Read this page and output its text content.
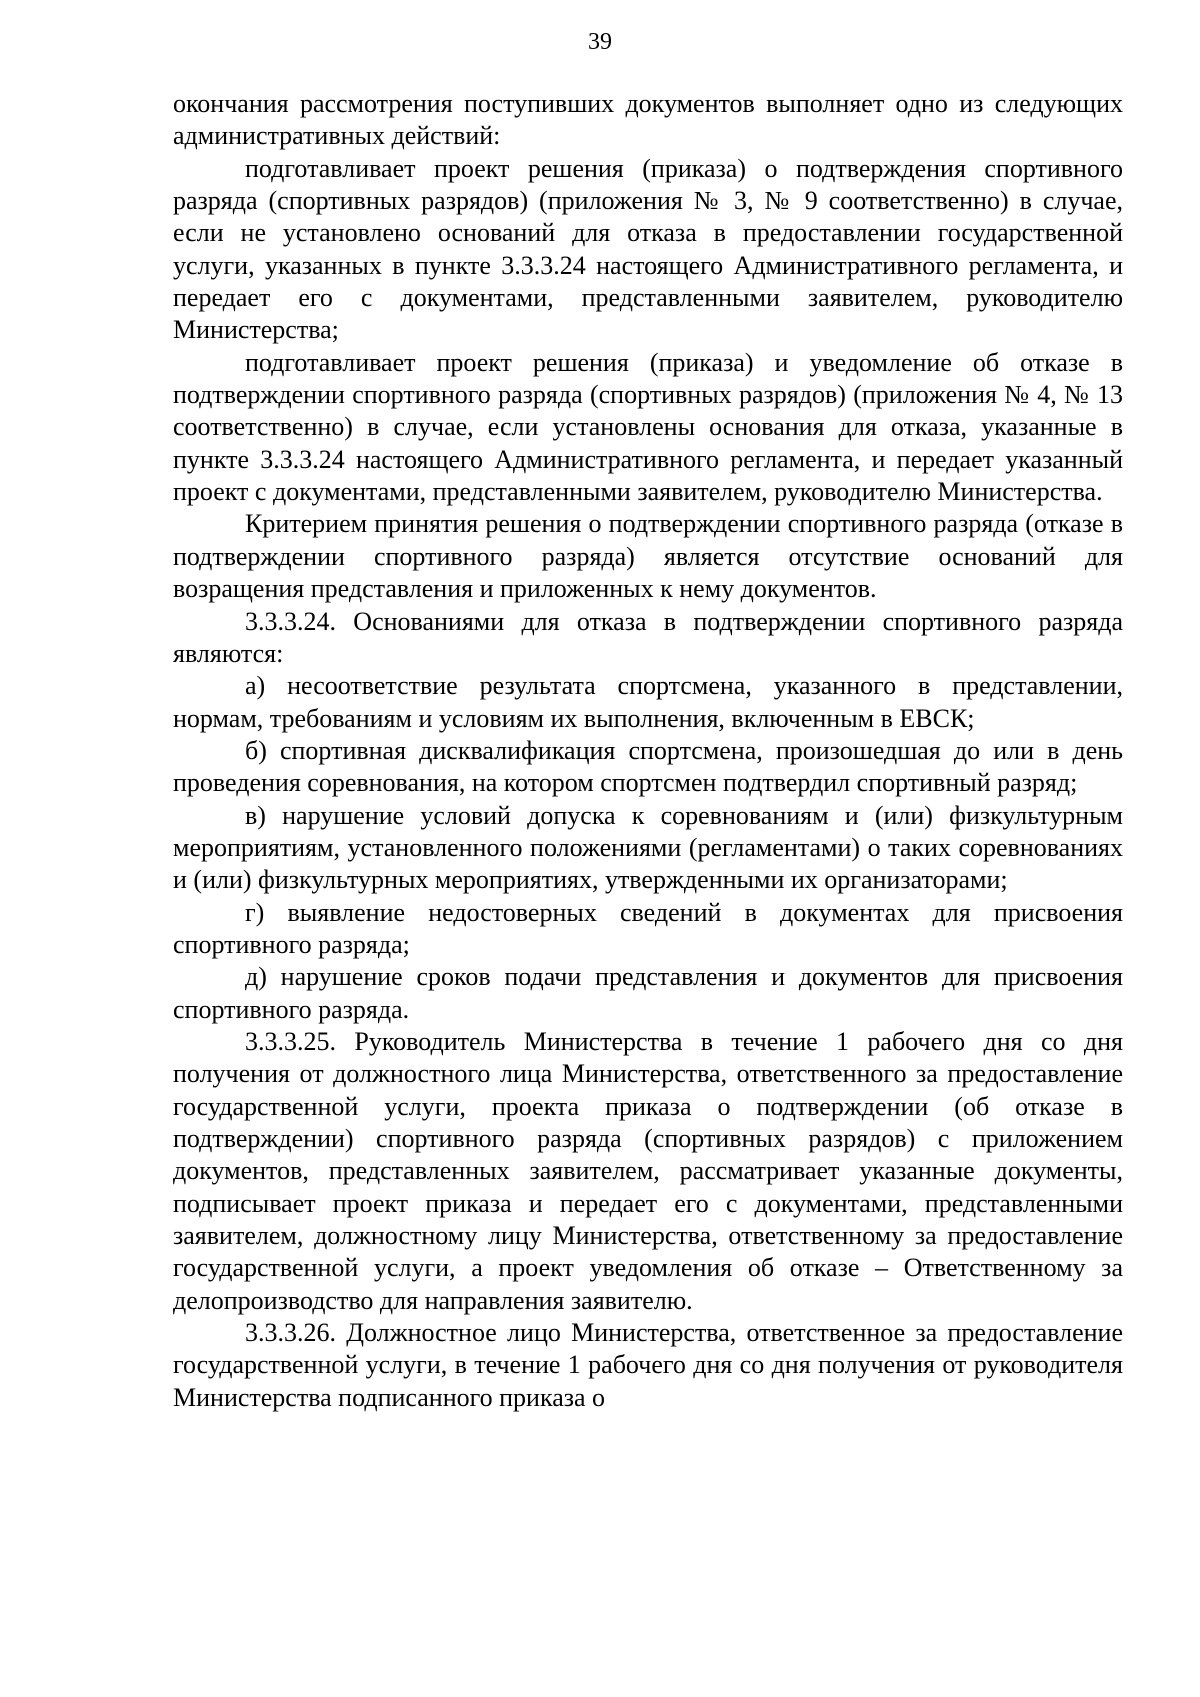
39

окончания рассмотрения поступивших документов выполняет одно из следующих административных действий:

подготавливает проект решения (приказа) о подтверждения спортивного разряда (спортивных разрядов) (приложения № 3, № 9 соответственно) в случае, если не установлено оснований для отказа в предоставлении государственной услуги, указанных в пункте 3.3.3.24 настоящего Административного регламента, и передает его с документами, представленными заявителем, руководителю Министерства;

подготавливает проект решения (приказа) и уведомление об отказе в подтверждении спортивного разряда (спортивных разрядов) (приложения № 4, № 13 соответственно) в случае, если установлены основания для отказа, указанные в пункте 3.3.3.24 настоящего Административного регламента, и передает указанный проект с документами, представленными заявителем, руководителю Министерства.

Критерием принятия решения о подтверждении спортивного разряда (отказе в подтверждении спортивного разряда) является отсутствие оснований для возращения представления и приложенных к нему документов.

3.3.3.24. Основаниями для отказа в подтверждении спортивного разряда являются:

а) несоответствие результата спортсмена, указанного в представлении, нормам, требованиям и условиям их выполнения, включенным в ЕВСК;

б) спортивная дисквалификация спортсмена, произошедшая до или в день проведения соревнования, на котором спортсмен подтвердил спортивный разряд;

в) нарушение условий допуска к соревнованиям и (или) физкультурным мероприятиям, установленного положениями (регламентами) о таких соревнованиях и (или) физкультурных мероприятиях, утвержденными их организаторами;

г) выявление недостоверных сведений в документах для присвоения спортивного разряда;

д) нарушение сроков подачи представления и документов для присвоения спортивного разряда.

3.3.3.25. Руководитель Министерства в течение 1 рабочего дня со дня получения от должностного лица Министерства, ответственного за предоставление государственной услуги, проекта приказа о подтверждении (об отказе в подтверждении) спортивного разряда (спортивных разрядов) с приложением документов, представленных заявителем, рассматривает указанные документы, подписывает проект приказа и передает его с документами, представленными заявителем, должностному лицу Министерства, ответственному за предоставление государственной услуги, а проект уведомления об отказе – Ответственному за делопроизводство для направления заявителю.

3.3.3.26. Должностное лицо Министерства, ответственное за предоставление государственной услуги, в течение 1 рабочего дня со дня получения от руководителя Министерства подписанного приказа о
